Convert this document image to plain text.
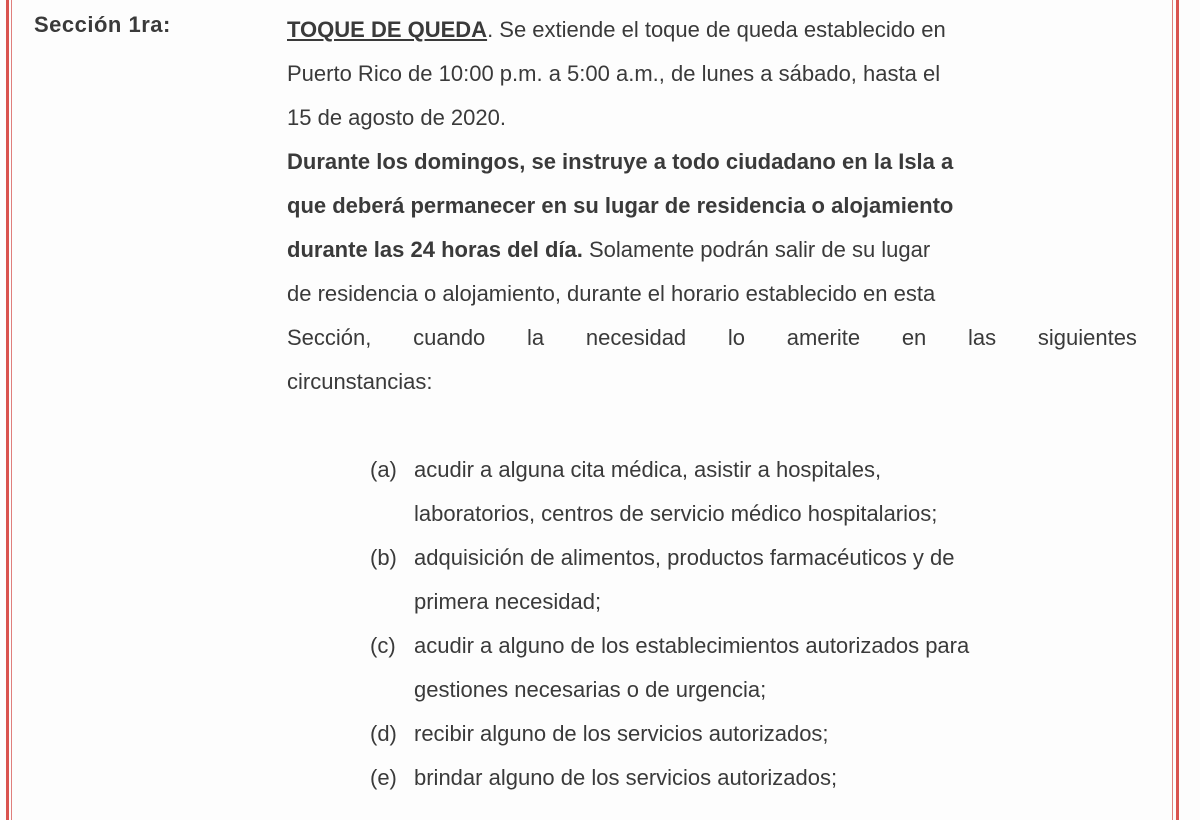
Sección 1ra:	TOQUE DE QUEDA. Se extiende el toque de queda establecido en
Puerto Rico de 10:00 p.m. a 5:00 a.m., de lunes a sábado, hasta el
15 de agosto de 2020.
Durante los domingos, se instruye a todo ciudadano en la Isla a
que deberá permanecer en su lugar de residencia o alojamiento
durante las 24 horas del día. Solamente podrán salir de su lugar
de residencia o alojamiento, durante el horario establecido en esta
Sección, cuando la necesidad lo amerite en las siguientes
circunstancias:
(a) acudir a alguna cita médica, asistir a hospitales,
laboratorios, centros de servicio médico hospitalarios;
(b) adquisición de alimentos, productos farmacéuticos y de
primera necesidad;
(c) acudir a alguno de los establecimientos autorizados para
gestiones necesarias o de urgencia;
(d) recibir alguno de los servicios autorizados;
(e) brindar alguno de los servicios autorizados;
